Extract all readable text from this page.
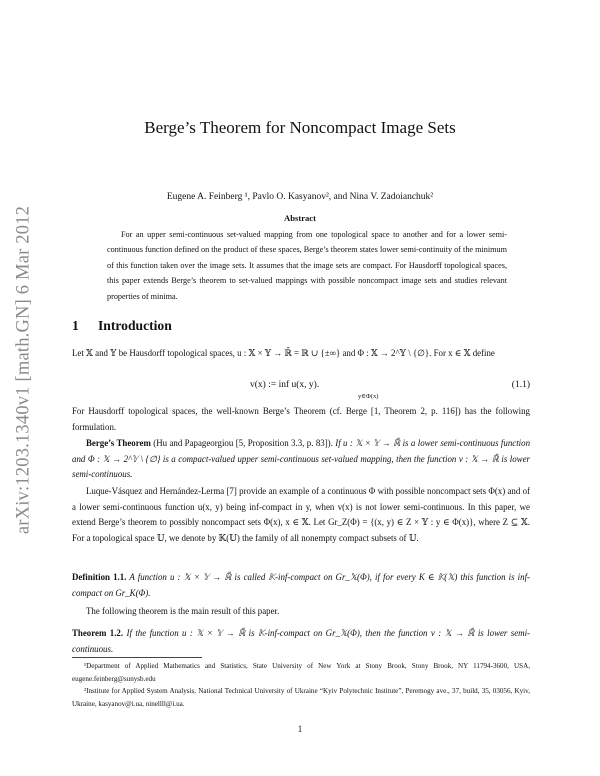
arXiv:1203.1340v1 [math.GN] 6 Mar 2012
Berge’s Theorem for Noncompact Image Sets
Eugene A. Feinberg ¹, Pavlo O. Kasyanov², and Nina V. Zadoianchuk²
Abstract

For an upper semi-continuous set-valued mapping from one topological space to another and for a lower semi-continuous function defined on the product of these spaces, Berge’s theorem states lower semi-continuity of the minimum of this function taken over the image sets. It assumes that the image sets are compact. For Hausdorff topological spaces, this paper extends Berge’s theorem to set-valued mappings with possible noncompact image sets and studies relevant properties of minima.

1 Introduction

Let 𝕏 and 𝕐 be Hausdorff topological spaces, u : 𝕏 × 𝕐 → ℝ̄ = ℝ ∪ {±∞} and Φ : 𝕏 → 2^𝕐 \ {∅}. For x ∈ 𝕏 define

v(x) := inf u(x, y).
y∈Φ(x)
(1.1)

For Hausdorff topological spaces, the well-known Berge’s Theorem (cf. Berge [1, Theorem 2, p. 116]) has the following formulation.

Berge’s Theorem (Hu and Papageorgiou [5, Proposition 3.3, p. 83]). If u : 𝕏 × 𝕐 → ℝ̄ is a lower semi-continuous function and Φ : 𝕏 → 2^𝕐 \ {∅} is a compact-valued upper semi-continuous set-valued mapping, then the function v : 𝕏 → ℝ̄ is lower semi-continuous.

Luque-Vásquez and Hernández-Lerma [7] provide an example of a continuous Φ with possible noncompact sets Φ(x) and of a lower semi-continuous function u(x, y) being inf-compact in y, when v(x) is not lower semi-continuous. In this paper, we extend Berge’s theorem to possibly noncompact sets Φ(x), x ∈ 𝕏. Let Gr_Z(Φ) = {(x, y) ∈ Z × 𝕐 : y ∈ Φ(x)}, where Z ⊆ 𝕏. For a topological space 𝕌, we denote by 𝕂(𝕌) the family of all nonempty compact subsets of 𝕌.

Definition 1.1. A function u : 𝕏 × 𝕐 → ℝ̄ is called 𝕂-inf-compact on Gr_𝕏(Φ), if for every K ∈ 𝕂(𝕏) this function is inf-compact on Gr_K(Φ).

The following theorem is the main result of this paper.

Theorem 1.2. If the function u : 𝕏 × 𝕐 → ℝ̄ is 𝕂-inf-compact on Gr_𝕏(Φ), then the function v : 𝕏 → ℝ̄ is lower semi-continuous.

¹Department of Applied Mathematics and Statistics, State University of New York at Stony Brook, Stony Brook, NY 11794-3600, USA, eugene.feinberg@sunysb.edu

²Institute for Applied System Analysis, National Technical University of Ukraine “Kyiv Polytechnic Institute”, Peremogy ave., 37, build, 35, 03056, Kyiv, Ukraine, kasyanov@i.ua, ninellll@i.ua.

1
